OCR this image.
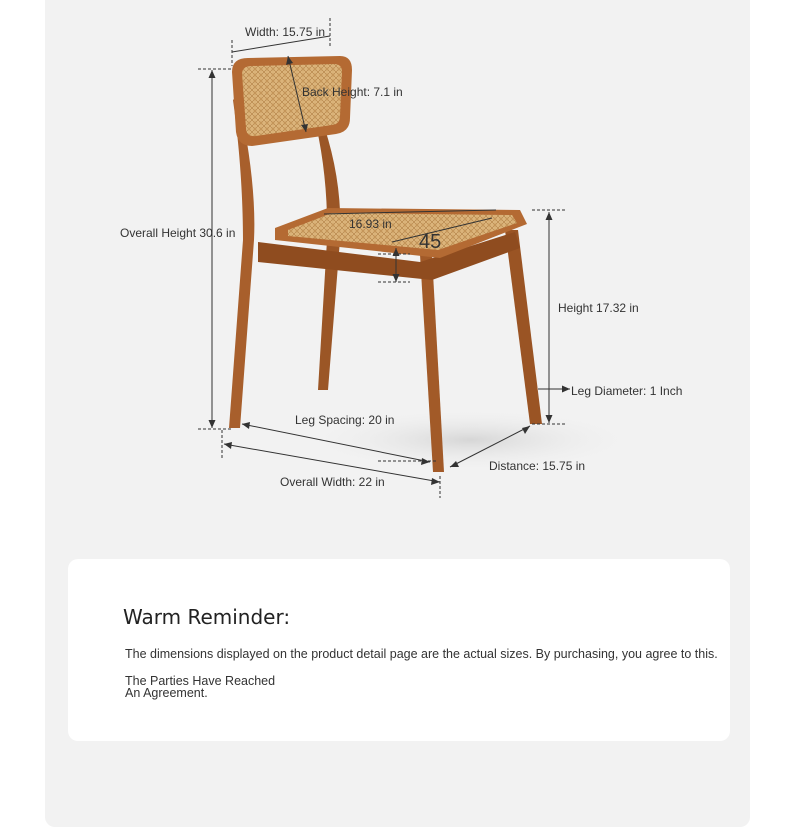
Width: 15.75 in
Back Height: 7.1 in
Overall Height 30.6 in
16.93 in
45
Height 17.32 in
Leg Diameter: 1 Inch
Leg Spacing: 20 in
Distance: 15.75 in
Overall Width: 22 in
Warm Reminder:
The dimensions displayed on the product detail page are the actual sizes. By purchasing, you agree to this.
The Parties Have Reached
An Agreement.
